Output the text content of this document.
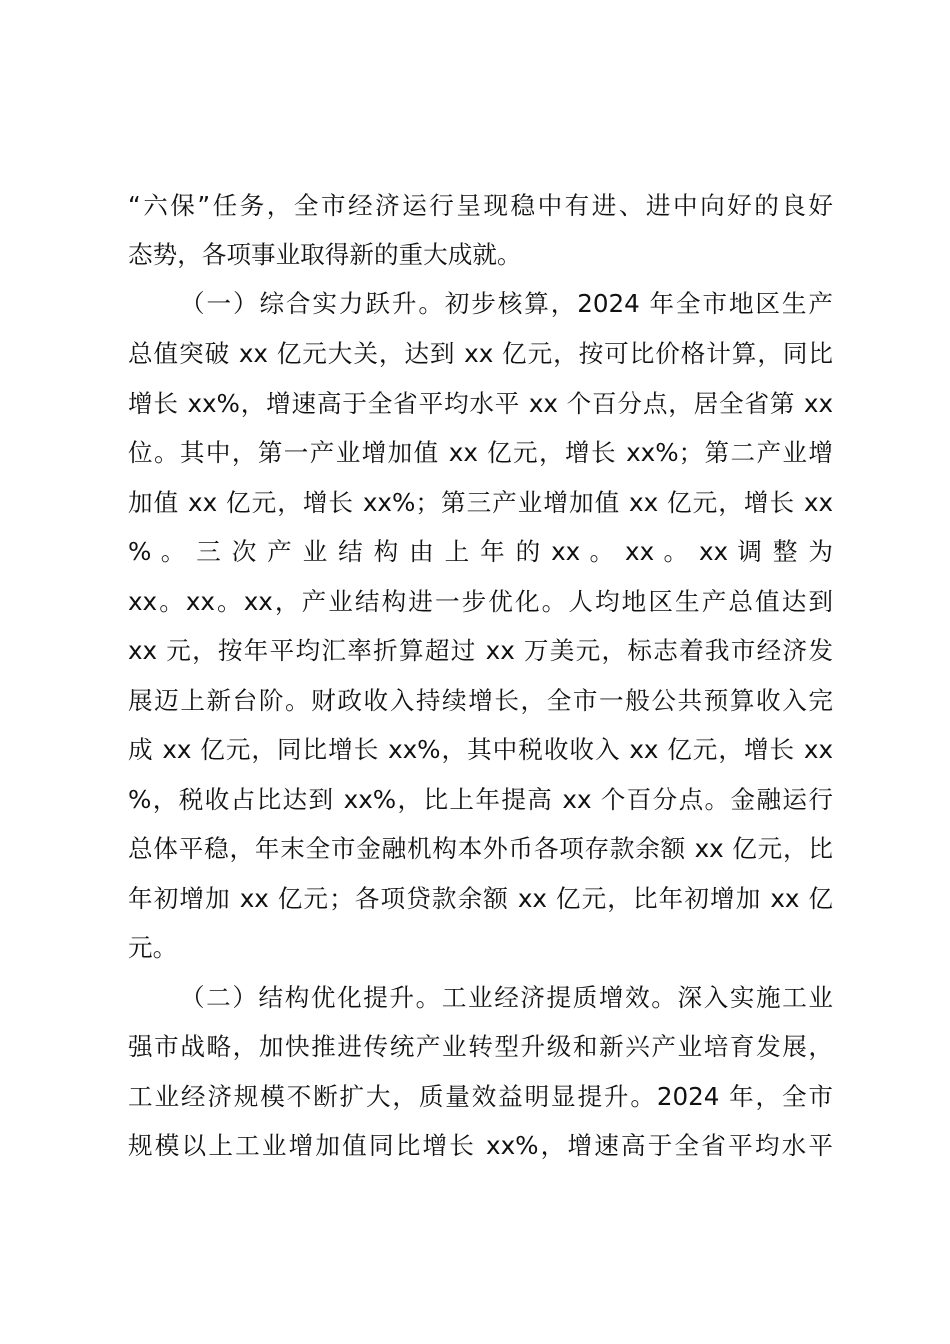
“六保”任务，全市经济运行呈现稳中有进、进中向好的良好
态势，各项事业取得新的重大成就。
（一）综合实力跃升。初步核算，2024 年全市地区生产
总值突破 xx 亿元大关，达到 xx 亿元，按可比价格计算，同比
增长 xx%，增速高于全省平均水平 xx 个百分点，居全省第 xx
位。其中，第一产业增加值 xx 亿元，增长 xx%；第二产业增
加值 xx 亿元，增长 xx%；第三产业增加值 xx 亿元，增长 xx
% 。 三 次 产 业 结 构 由 上 年 的 xx 。 xx 。 xx 调 整 为
xx。xx。xx，产业结构进一步优化。人均地区生产总值达到
xx 元，按年平均汇率折算超过 xx 万美元，标志着我市经济发
展迈上新台阶。财政收入持续增长，全市一般公共预算收入完
成 xx 亿元，同比增长 xx%，其中税收收入 xx 亿元，增长 xx
%，税收占比达到 xx%，比上年提高 xx 个百分点。金融运行
总体平稳，年末全市金融机构本外币各项存款余额 xx 亿元，比
年初增加 xx 亿元；各项贷款余额 xx 亿元，比年初增加 xx 亿
元。
（二）结构优化提升。工业经济提质增效。深入实施工业
强市战略，加快推进传统产业转型升级和新兴产业培育发展，
工业经济规模不断扩大，质量效益明显提升。2024 年，全市
规模以上工业增加值同比增长 xx%，增速高于全省平均水平
